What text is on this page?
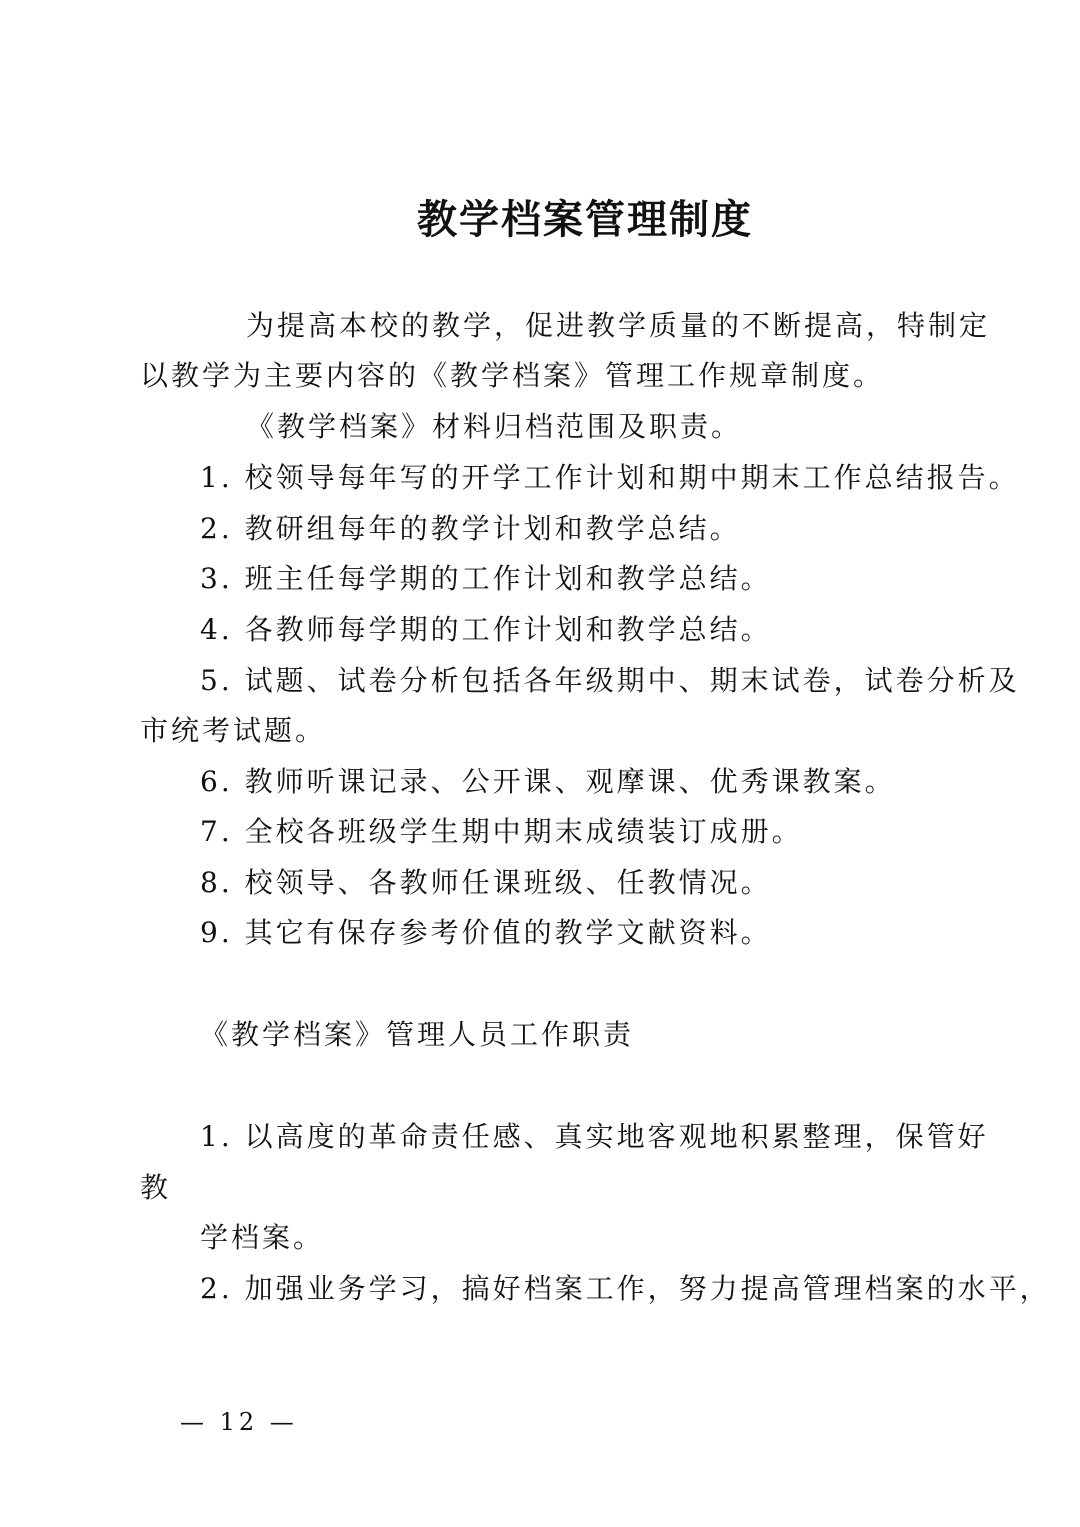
教学档案管理制度
为提高本校的教学，促进教学质量的不断提高，特制定
以教学为主要内容的《教学档案》管理工作规章制度。
《教学档案》材料归档范围及职责。
1. 校领导每年写的开学工作计划和期中期末工作总结报告。
2. 教研组每年的教学计划和教学总结。
3. 班主任每学期的工作计划和教学总结。
4. 各教师每学期的工作计划和教学总结。
5. 试题、试卷分析包括各年级期中、期末试卷，试卷分析及
市统考试题。
6. 教师听课记录、公开课、观摩课、优秀课教案。
7. 全校各班级学生期中期末成绩装订成册。
8. 校领导、各教师任课班级、任教情况。
9. 其它有保存参考价值的教学文献资料。
《教学档案》管理人员工作职责
1. 以高度的革命责任感、真实地客观地积累整理，保管好
教
学档案。
2. 加强业务学习，搞好档案工作，努力提高管理档案的水平，
— 12 —
